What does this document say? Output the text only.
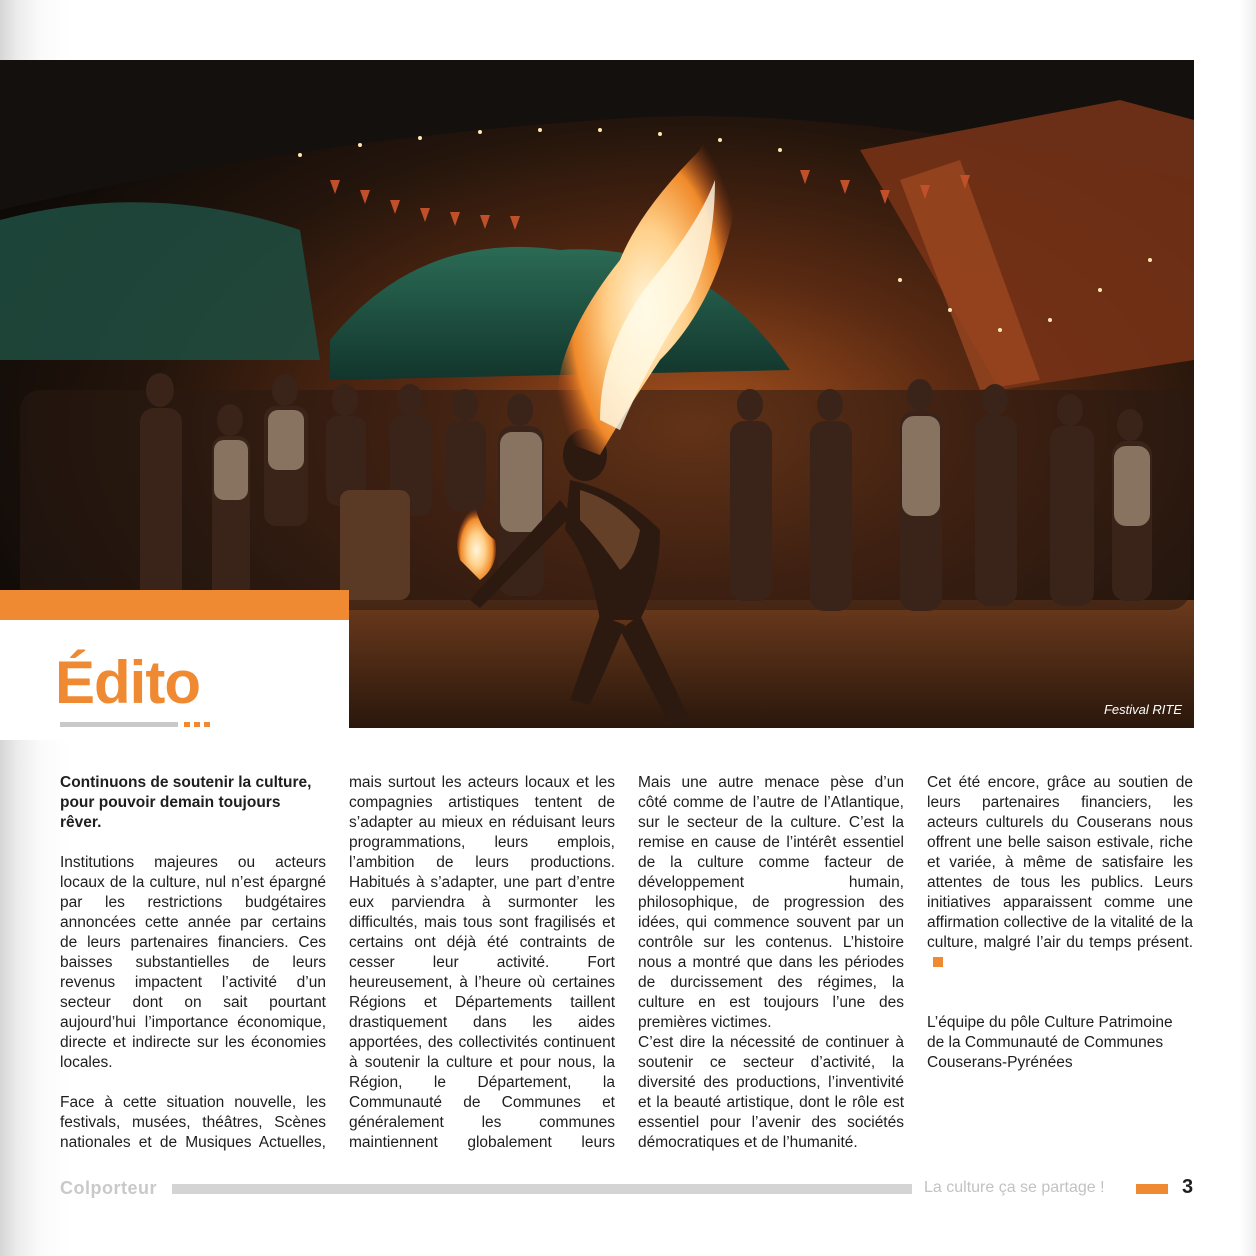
Festival RITE
Édito

Continuons de soutenir la culture, pour pouvoir demain toujours rêver.

Institutions majeures ou acteurs locaux de la culture, nul n’est épargné par les restrictions budgétaires annoncées cette année par certains de leurs partenaires financiers. Ces baisses substantielles de leurs revenus impactent l’activité d’un secteur dont on sait pourtant aujourd’hui l’importance économique, directe et indirecte sur les économies locales.

Face à cette situation nouvelle, les festivals, musées, théâtres, Scènes nationales et de Musiques Actuelles,

mais surtout les acteurs locaux et les compagnies artistiques tentent de s’adapter au mieux en réduisant leurs programmations, leurs emplois, l’ambition de leurs productions. Habitués à s’adapter, une part d’entre eux parviendra à surmonter les difficultés, mais tous sont fragilisés et certains ont déjà été contraints de cesser leur activité. Fort heureusement, à l’heure où certaines Régions et Départements taillent drastiquement dans les aides apportées, des collectivités continuent à soutenir la culture et pour nous, la Région, le Département, la Communauté de Communes et généralement les communes maintiennent globalement leurs

Mais une autre menace pèse d’un côté comme de l’autre de l’Atlantique, sur le secteur de la culture. C’est la remise en cause de l’intérêt essentiel de la culture comme facteur de développement humain, philosophique, de progression des idées, qui commence souvent par un contrôle sur les contenus. L’histoire nous a montré que dans les périodes de durcissement des régimes, la culture en est toujours l’une des premières victimes.

C’est dire la nécessité de continuer à soutenir ce secteur d’activité, la diversité des productions, l’inventivité et la beauté artistique, dont le rôle est essentiel pour l’avenir des sociétés démocratiques et de l’humanité.

Cet été encore, grâce au soutien de leurs partenaires financiers, les acteurs culturels du Couserans nous offrent une belle saison estivale, riche et variée, à même de satisfaire les attentes de tous les publics. Leurs initiatives apparaissent comme une affirmation collective de la vitalité de la culture, malgré l’air du temps présent.

L’équipe du pôle Culture Patrimoine de la Communauté de Communes Couserans-Pyrénées

Colporteur	La culture ça se partage !	3
